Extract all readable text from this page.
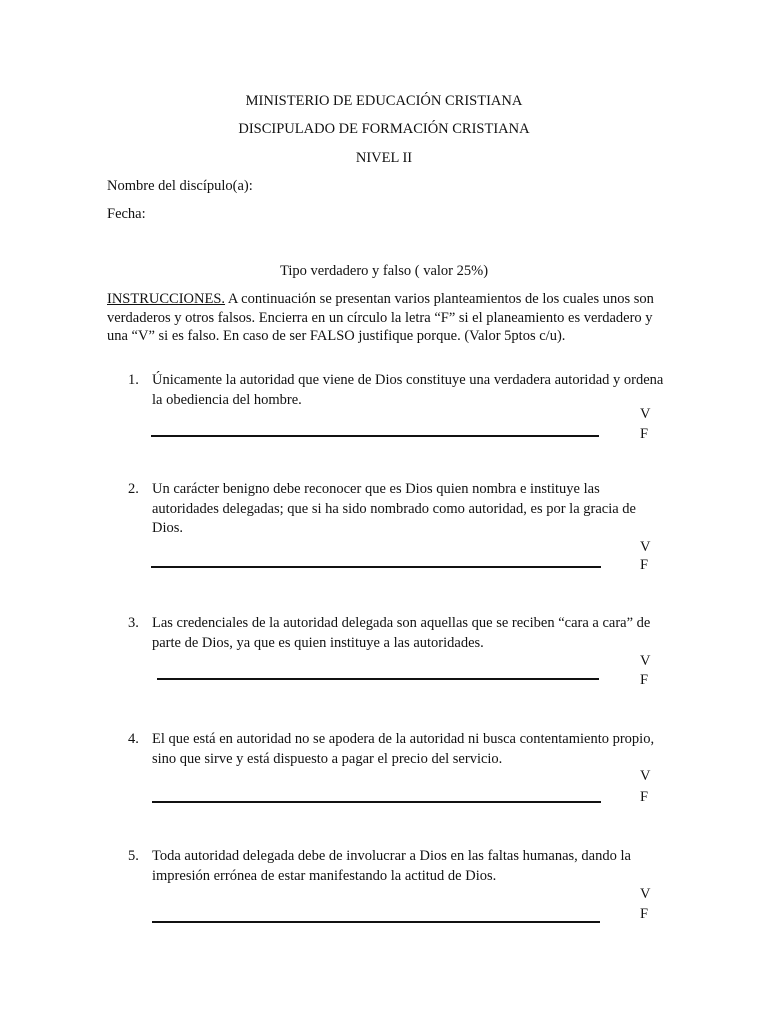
MINISTERIO DE EDUCACIÓN CRISTIANA
DISCIPULADO DE FORMACIÓN CRISTIANA
NIVEL II
Nombre del discípulo(a):
Fecha:
Tipo verdadero y falso ( valor 25%)
INSTRUCCIONES. A continuación se presentan varios planteamientos de los cuales unos son verdaderos y otros falsos. Encierra en un círculo la letra “F” si el planeamiento es verdadero y una “V” si es falso. En caso de ser FALSO justifique porque. (Valor 5ptos c/u).
1. Únicamente la autoridad que viene de Dios constituye una verdadera autoridad y ordena la obediencia del hombre.
V
F
2. Un carácter benigno debe reconocer que es Dios quien nombra e instituye las autoridades delegadas; que si ha sido nombrado como autoridad, es por la gracia de Dios.
V
F
3. Las credenciales de la autoridad delegada son aquellas que se reciben “cara a cara” de parte de Dios, ya que es quien instituye a las autoridades.
V
F
4. El que está en autoridad no se apodera de la autoridad ni busca contentamiento propio, sino que sirve y está dispuesto a pagar el precio del servicio.
V
F
5. Toda autoridad delegada debe de involucrar a Dios en las faltas humanas, dando la impresión errónea de estar manifestando la actitud de Dios.
V
F
